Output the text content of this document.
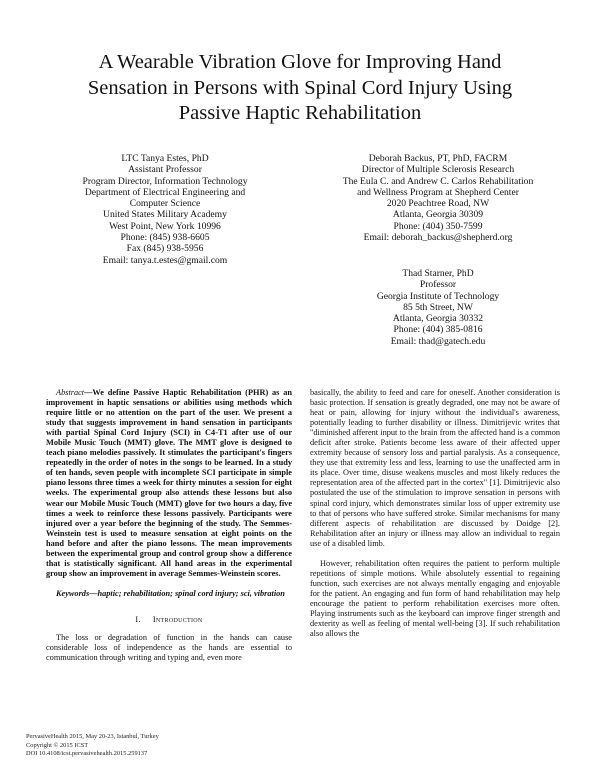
A Wearable Vibration Glove for Improving Hand
Sensation in Persons with Spinal Cord Injury Using
Passive Haptic Rehabilitation
LTC Tanya Estes, PhD
Assistant Professor
Program Director, Information Technology
Department of Electrical Engineering and
Computer Science
United States Military Academy
West Point, New York 10996
Phone: (845) 938-6605
Fax (845) 938-5956
Email: tanya.t.estes@gmail.com
Deborah Backus, PT, PhD, FACRM
Director of Multiple Sclerosis Research
The Eula C. and Andrew C. Carlos Rehabilitation
and Wellness Program at Shepherd Center
2020 Peachtree Road, NW
Atlanta, Georgia 30309
Phone: (404) 350-7599
Email: deborah_backus@shepherd.org
Thad Starner, PhD
Professor
Georgia Institute of Technology
85 5th Street, NW
Atlanta, Georgia 30332
Phone: (404) 385-0816
Email: thad@gatech.edu

Abstract—We define Passive Haptic Rehabilitation (PHR) as an improvement in haptic sensations or abilities using methods which require little or no attention on the part of the user. We present a study that suggests improvement in hand sensation in participants with partial Spinal Cord Injury (SCI) in C4-T1 after use of our Mobile Music Touch (MMT) glove. The MMT glove is designed to teach piano melodies passively. It stimulates the participant's fingers repeatedly in the order of notes in the songs to be learned. In a study of ten hands, seven people with incomplete SCI participate in simple piano lessons three times a week for thirty minutes a session for eight weeks. The experimental group also attends these lessons but also wear our Mobile Music Touch (MMT) glove for two hours a day, five times a week to reinforce these lessons passively. Participants were injured over a year before the beginning of the study. The Semmes-Weinstein test is used to measure sensation at eight points on the hand before and after the piano lessons. The mean improvements between the experimental group and control group show a difference that is statistically significant. All hand areas in the experimental group show an improvement in average Semmes-Weinstein scores.

Keywords—haptic; rehabilitation; spinal cord injury; sci, vibration

I. Introduction

The loss or degradation of function in the hands can cause considerable loss of independence as the hands are essential to communication through writing and typing and, even more

basically, the ability to feed and care for oneself. Another consideration is basic protection. If sensation is greatly degraded, one may not be aware of heat or pain, allowing for injury without the individual's awareness, potentially leading to further disability or illness. Dimitrijevic writes that "diminished afferent input to the brain from the affected hand is a common deficit after stroke. Patients become less aware of their affected upper extremity because of sensory loss and partial paralysis. As a consequence, they use that extremity less and less, learning to use the unaffected arm in its place. Over time, disuse weakens muscles and most likely reduces the representation area of the affected part in the cortex" [1]. Dimitrijevic also postulated the use of the stimulation to improve sensation in persons with spinal cord injury, which demonstrates similar loss of upper extremity use to that of persons who have suffered stroke. Similar mechanisms for many different aspects of rehabilitation are discussed by Doidge [2]. Rehabilitation after an injury or illness may allow an individual to regain use of a disabled limb.

However, rehabilitation often requires the patient to perform multiple repetitions of simple motions. While absolutely essential to regaining function, such exercises are not always mentally engaging and enjoyable for the patient. An engaging and fun form of hand rehabilitation may help encourage the patient to perform rehabilitation exercises more often. Playing instruments such as the keyboard can improve finger strength and dexterity as well as feeling of mental well-being [3]. If such rehabilitation also allows the

PervasiveHealth 2015, May 20-23, Istanbul, Turkey
Copyright © 2015 ICST
DOI 10.4108/icst.pervasivehealth.2015.259137
